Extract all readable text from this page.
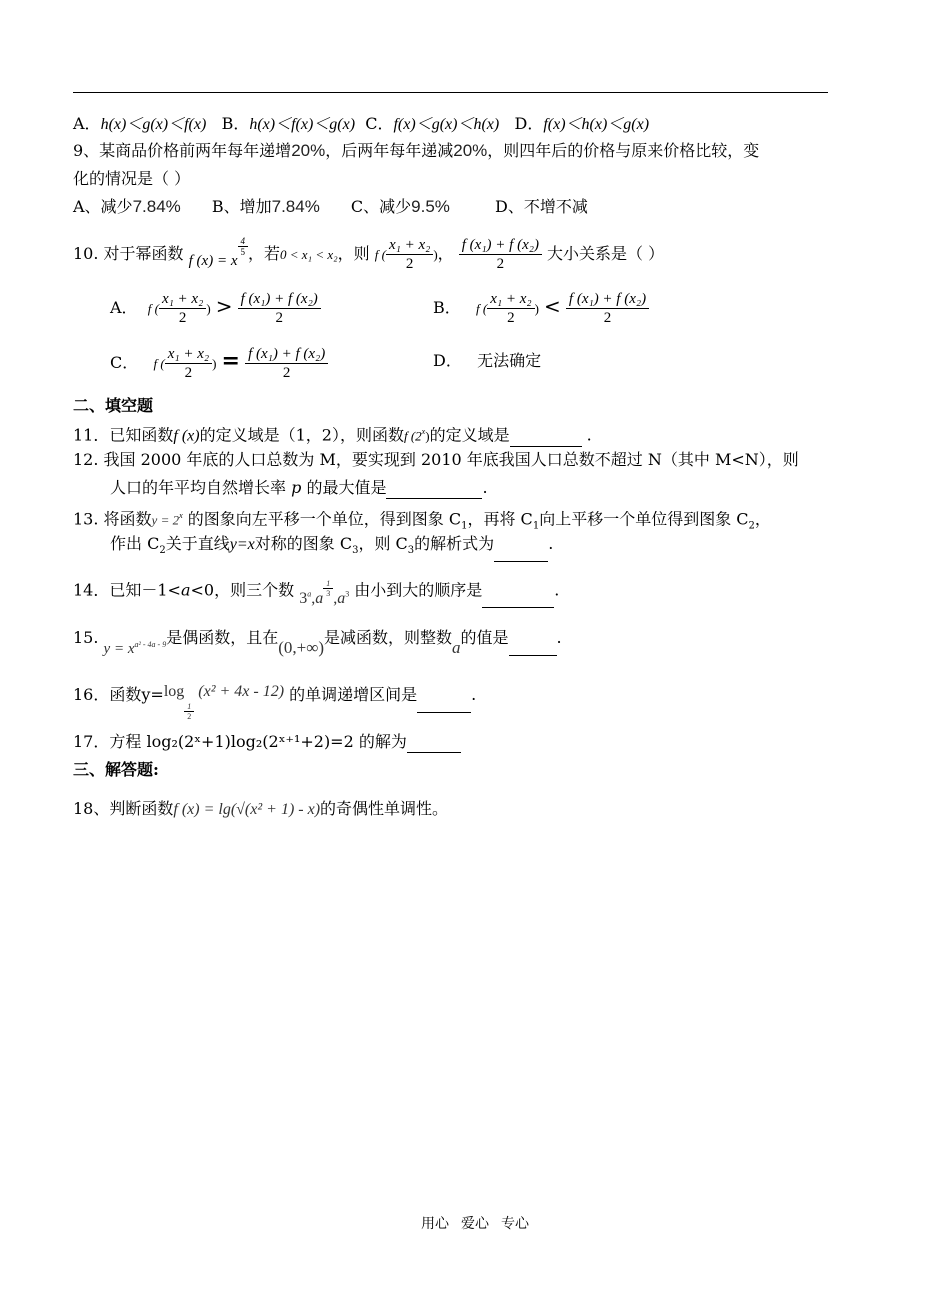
A．h(x)＜g(x)＜f(x) B．h(x)＜f(x)＜g(x) C．f(x)＜g(x)＜h(x) D．f(x)＜h(x)＜g(x)
9、某商品价格前两年每年递增20%，后两年每年递减20%，则四年后的价格与原来价格比较，变
化的情况是（ ）
A、减少7.84% B、增加7.84% C、减少9.5%	D、不增不减
10. 对于幂函数 f (x) = x
$^{\frac{4}{5}}$ ，若0 < x₁ < x₂，则 f ( $\frac{\text{x₁ + x₂}}{2}$ )， $\frac{\text{f (x₁) + f (x₂)}}{2}$ 大小关系是（ ）
A． f ( $\frac{\text{x₁ + x₂}}{2}$ ) > $\frac{\text{f (x₁) + f (x₂)}}{2}$	B． f ( $\frac{\text{x₁ + x₂}}{2}$ ) < $\frac{\text{f (x₁) + f (x₂)}}{2}$
C． f ( $\frac{\text{x₁ + x₂}}{2}$ ) = $\frac{\text{f (x₁) + f (x₂)}}{2}$	D． 无法确定
二、填空题
11．已知函数f (x)的定义域是（1，2），则函数f (2$^x$)的定义域是	.
12. 我国 2000 年底的人口总数为 M，要实现到 2010 年底我国人口总数不超过 N（其中 M<N），则
人口的年平均自然增长率 p 的最大值是	.
13. 将函数$y = 2^x$ 的图象向左平移一个单位，得到图象 $C_1$，再将 $C_1$向上平移一个单位得到图象 $C_2$，
作出 $C_2$关于直线y=x对称的图象 $C_3$，则 $C_3$的解析式为	.
14．已知－1<a<0，则三个数 3$^a$,a
$^{\frac{1}{3}}$
$,a^3$ 由小到大的顺序是	.
15. $y = x^{a^2 - 4a - 9}$是偶函数，且在(0,+∞)是减函数，则整数a的值是	.
16．函数y=log
$_{\frac{1}{2}}$
(x² + 4x - 12) 的单调递增区间是	.
17．方程 log₂(2ˣ+1)log₂(2ˣ⁺¹+2)=2 的解为
三、解答题:
18、判断函数f (x) = lg(√(x² + 1) - x)的奇偶性单调性。
用心 爱心 专心
